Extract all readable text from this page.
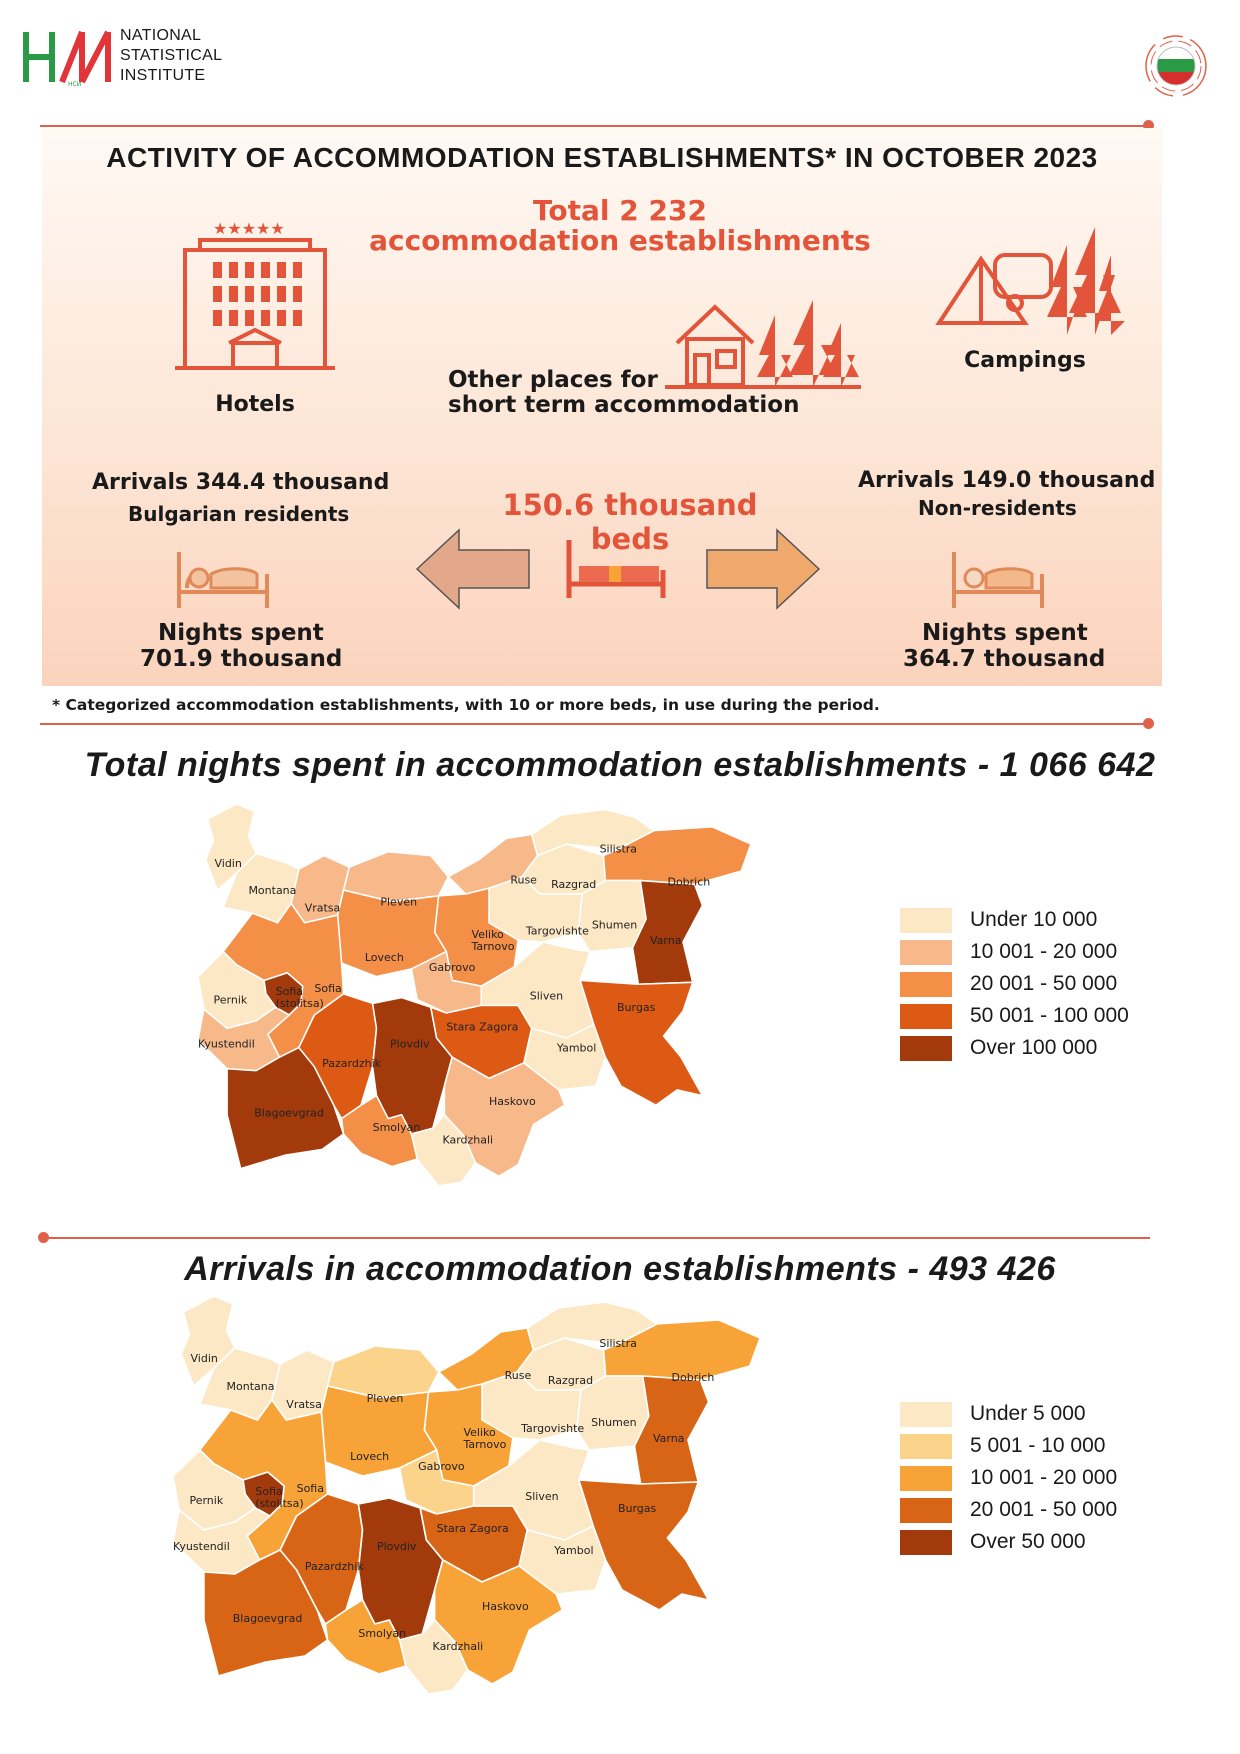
НСИ
NATIONAL
STATISTICAL
INSTITUTE
ACTIVITY OF ACCOMMODATION ESTABLISHMENTS* IN OCTOBER 2023
Total 2 232
accommodation establishments
★★★★★
Hotels
Other places for
short term accommodation
Campings
Arrivals 344.4 thousand
Bulgarian residents
Nights spent
701.9 thousand
150.6 thousand beds
Arrivals 149.0 thousand
Non-residents
Nights spent
364.7 thousand
* Categorized accommodation establishments, with 10 or more beds, in use during the period.
Total nights spent in accommodation establishments - 1 066 642
Vidin
Montana
Vratsa	Pleven
Ruse
Silistra
Razgrad	Dobrich
Targovishte Shumen
Varna
Veliko Tarnovo
Lovech
Gabrovo
Sofia (stolitsa)
Sofia
Pernik
Kyustendil
Blagoevgrad
Pazardzhik
Plovdiv
Stara Zagora
Sliven
Yambol
Burgas
Haskovo
Kardzhali
Smolyan
Under 10 000
10 001 - 20 000
20 001 - 50 000
50 001 - 100 000
Over 100 000
Arrivals in accommodation establishments - 493 426
Vidin
Montana
Vratsa	Pleven
Ruse
Silistra
Razgrad	Dobrich
Targovishte Shumen
Varna
Veliko Tarnovo
Lovech
Gabrovo
Sofia (stolitsa)
Sofia
Pernik
Kyustendil
Blagoevgrad
Pazardzhik
Plovdiv
Stara Zagora
Sliven
Yambol
Burgas
Haskovo
Kardzhali
Smolyan
Under 5 000
5 001 - 10 000
10 001 - 20 000
20 001 - 50 000
Over 50 000
